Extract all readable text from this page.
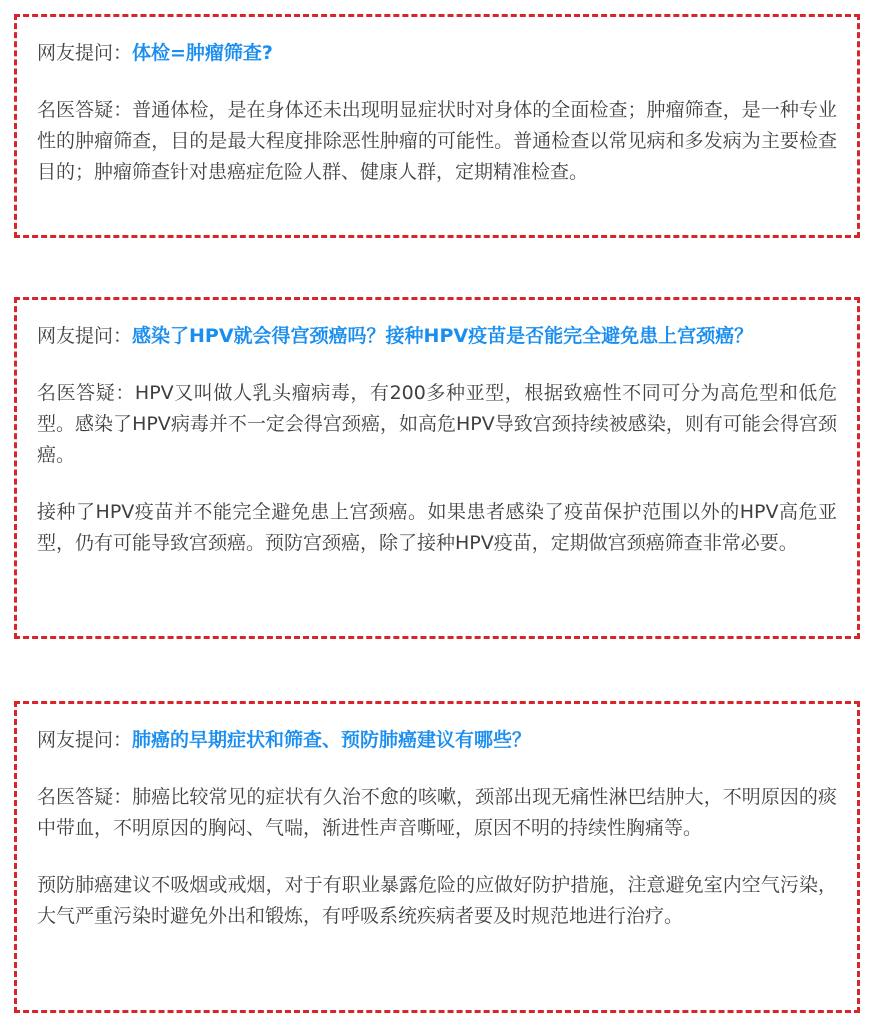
网友提问：体检=肿瘤筛查?

名医答疑：普通体检，是在身体还未出现明显症状时对身体的全面检查；肿瘤筛查，是一种专业性的肿瘤筛查，目的是最大程度排除恶性肿瘤的可能性。普通检查以常见病和多发病为主要检查目的；肿瘤筛查针对患癌症危险人群、健康人群，定期精准检查。

网友提问：感染了HPV就会得宫颈癌吗？接种HPV疫苗是否能完全避免患上宫颈癌？

名医答疑：HPV又叫做人乳头瘤病毒，有200多种亚型，根据致癌性不同可分为高危型和低危型。感染了HPV病毒并不一定会得宫颈癌，如高危HPV导致宫颈持续被感染，则有可能会得宫颈癌。

接种了HPV疫苗并不能完全避免患上宫颈癌。如果患者感染了疫苗保护范围以外的HPV高危亚型，仍有可能导致宫颈癌。预防宫颈癌，除了接种HPV疫苗，定期做宫颈癌筛查非常必要。

网友提问：肺癌的早期症状和筛查、预防肺癌建议有哪些？

名医答疑：肺癌比较常见的症状有久治不愈的咳嗽，颈部出现无痛性淋巴结肿大，不明原因的痰中带血，不明原因的胸闷、气喘，渐进性声音嘶哑，原因不明的持续性胸痛等。

预防肺癌建议不吸烟或戒烟，对于有职业暴露危险的应做好防护措施，注意避免室内空气污染，大气严重污染时避免外出和锻炼，有呼吸系统疾病者要及时规范地进行治疗。
